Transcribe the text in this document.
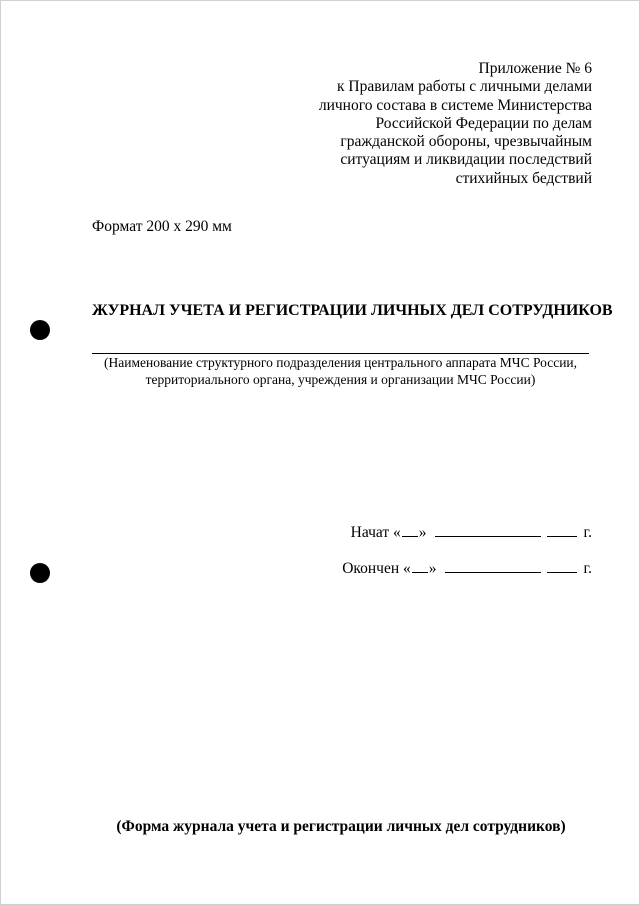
Приложение № 6
к Правилам работы с личными делами
личного состава в системе Министерства
Российской Федерации по делам
гражданской обороны, чрезвычайным
ситуациям и ликвидации последствий
стихийных бедствий
Формат 200 х 290 мм
ЖУРНАЛ УЧЕТА И РЕГИСТРАЦИИ ЛИЧНЫХ ДЕЛ СОТРУДНИКОВ
(Наименование структурного подразделения центрального аппарата МЧС России,
территориального органа, учреждения и организации МЧС России)
Начат « »	г.
Окончен « »	г.
(Форма журнала учета и регистрации личных дел сотрудников)
